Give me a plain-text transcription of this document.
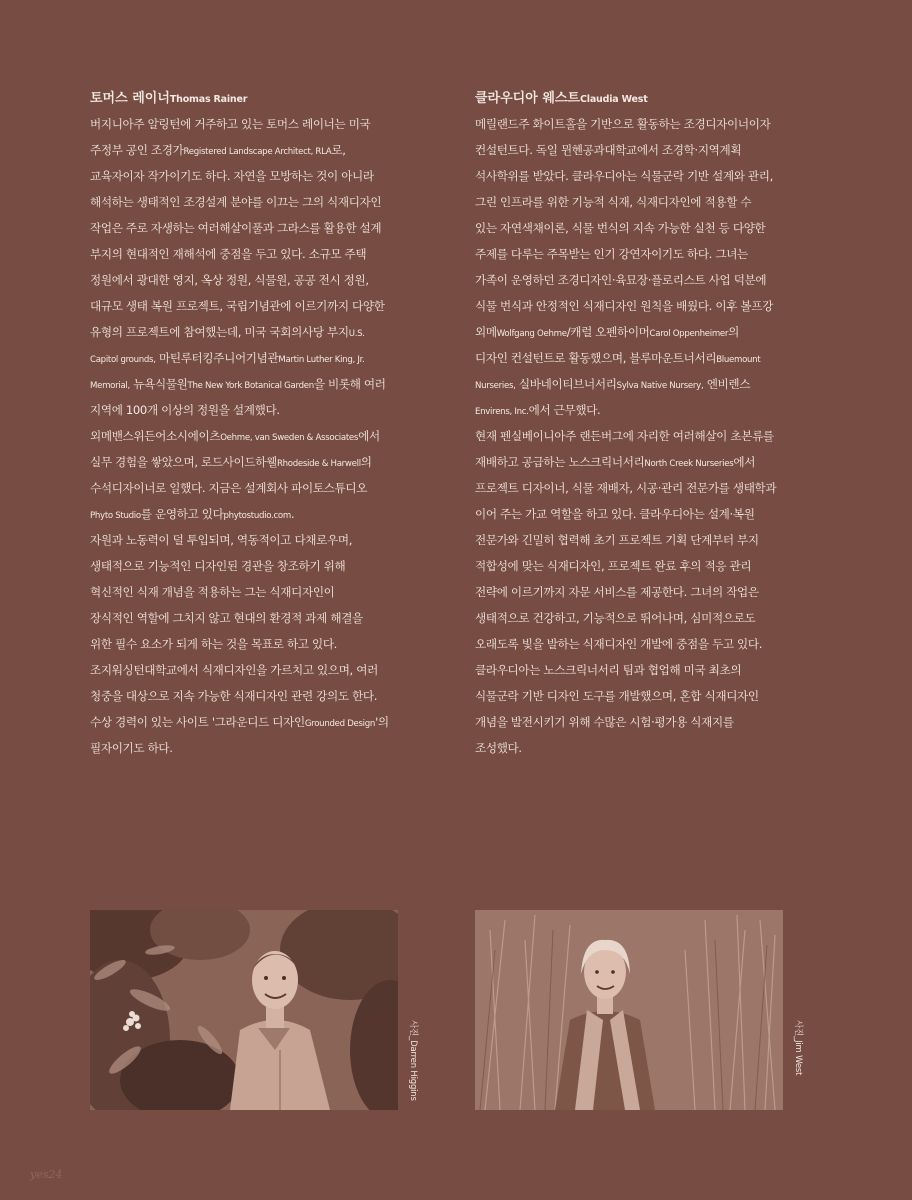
토머스 레이너Thomas Rainer
버지니아주 알링턴에 거주하고 있는 토머스 레이너는 미국
주정부 공인 조경가Registered Landscape Architect, RLA로,
교육자이자 작가이기도 하다. 자연을 모방하는 것이 아니라
해석하는 생태적인 조경설계 분야를 이끄는 그의 식재디자인
작업은 주로 자생하는 여러해살이풀과 그라스를 활용한 설계
부지의 현대적인 재해석에 중점을 두고 있다. 소규모 주택
정원에서 광대한 영지, 옥상 정원, 식물원, 공공 전시 정원,
대규모 생태 복원 프로젝트, 국립기념관에 이르기까지 다양한
유형의 프로젝트에 참여했는데, 미국 국회의사당 부지U.S.
Capitol grounds, 마틴루터킹주니어기념관Martin Luther King, Jr.
Memorial, 뉴욕식물원The New York Botanical Garden을 비롯해 여러
지역에 100개 이상의 정원을 설계했다.
외메밴스위든어소시에이츠Oehme, van Sweden & Associates에서
실무 경험을 쌓았으며, 로드사이드하웰Rhodeside & Harwell의
수석디자이너로 일했다. 지금은 설계회사 파이토스튜디오
Phyto Studio를 운영하고 있다phytostudio.com.
자원과 노동력이 덜 투입되며, 역동적이고 다채로우며,
생태적으로 기능적인 디자인된 경관을 창조하기 위해
혁신적인 식재 개념을 적용하는 그는 식재디자인이
장식적인 역할에 그치지 않고 현대의 환경적 과제 해결을
위한 필수 요소가 되게 하는 것을 목표로 하고 있다.
조지워싱턴대학교에서 식재디자인을 가르치고 있으며, 여러
청중을 대상으로 지속 가능한 식재디자인 관련 강의도 한다.
수상 경력이 있는 사이트 '그라운디드 디자인Grounded Design'의
필자이기도 하다.
클라우디아 웨스트Claudia West
메릴랜드주 화이트홀을 기반으로 활동하는 조경디자이너이자
컨설턴트다. 독일 뮌헨공과대학교에서 조경학·지역계획
석사학위를 받았다. 클라우디아는 식물군락 기반 설계와 관리,
그린 인프라를 위한 기능적 식재, 식재디자인에 적용할 수
있는 자연색채이론, 식물 번식의 지속 가능한 실천 등 다양한
주제를 다루는 주목받는 인기 강연자이기도 하다. 그녀는
가족이 운영하던 조경디자인·육묘장·플로리스트 사업 덕분에
식물 번식과 안정적인 식재디자인 원칙을 배웠다. 이후 볼프강
외메Wolfgang Oehme/캐럴 오펜하이머Carol Oppenheimer의
디자인 컨설턴트로 활동했으며, 블루마운트너서리Bluemount
Nurseries, 실바네이티브너서리Sylva Native Nursery, 엔비렌스
Envirens, Inc.에서 근무했다.
현재 펜실베이니아주 랜든버그에 자리한 여러해살이 초본류를
재배하고 공급하는 노스크릭너서리North Creek Nurseries에서
프로젝트 디자이너, 식물 재배자, 시공·관리 전문가를 생태학과
이어 주는 가교 역할을 하고 있다. 클라우디아는 설계·복원
전문가와 긴밀히 협력해 초기 프로젝트 기획 단계부터 부지
적합성에 맞는 식재디자인, 프로젝트 완료 후의 적응 관리
전략에 이르기까지 자문 서비스를 제공한다. 그녀의 작업은
생태적으로 건강하고, 기능적으로 뛰어나며, 심미적으로도
오래도록 빛을 발하는 식재디자인 개발에 중점을 두고 있다.
클라우디아는 노스크릭너서리 팀과 협업해 미국 최초의
식물군락 기반 디자인 도구를 개발했으며, 혼합 식재디자인
개념을 발전시키기 위해 수많은 시험·평가용 식재지를
조성했다.
사진_Darren Higgins	사진_Jim West
yes24
